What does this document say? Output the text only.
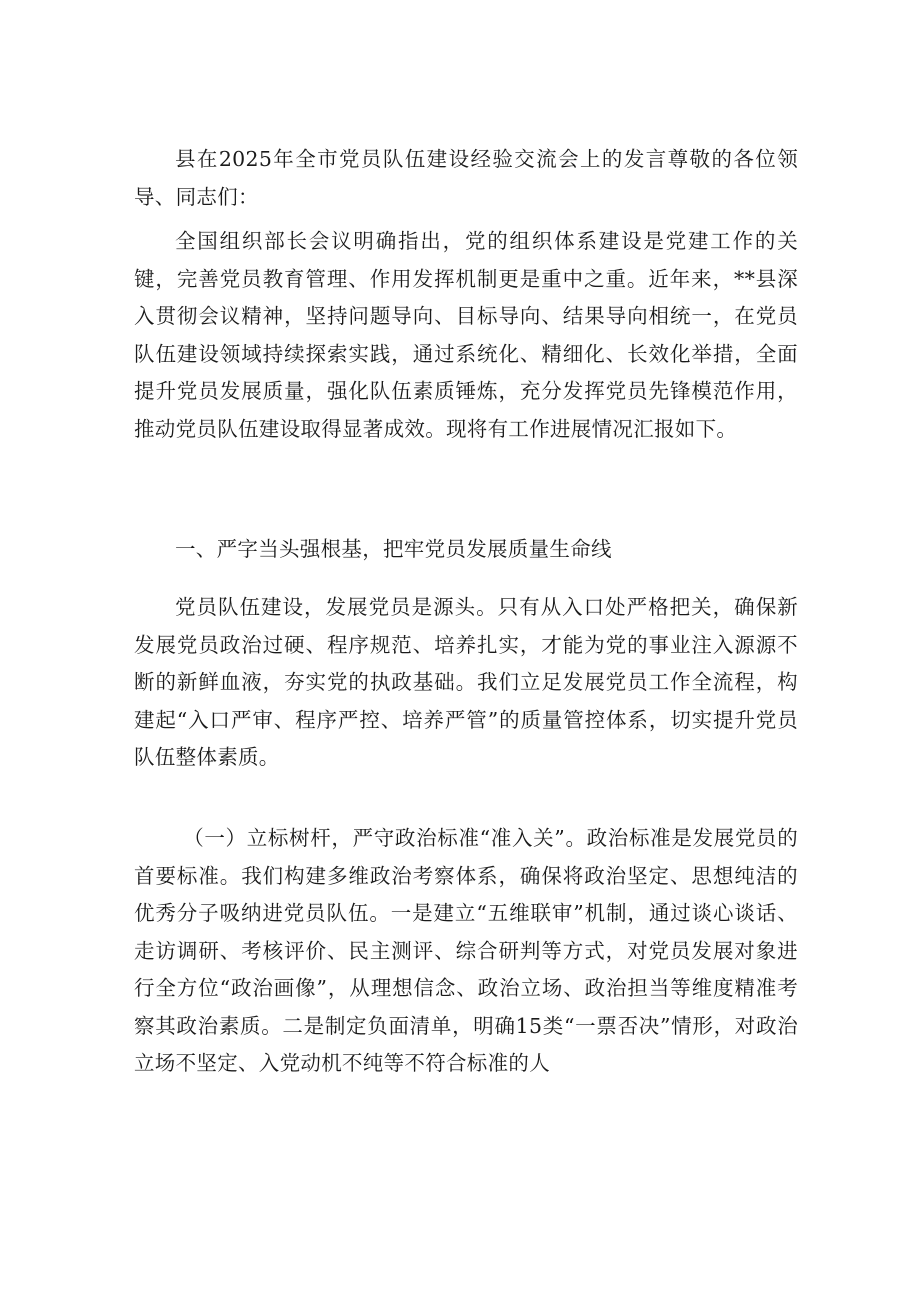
县在2025年全市党员队伍建设经验交流会上的发言尊敬的各位领导、同志们：

全国组织部长会议明确指出，党的组织体系建设是党建工作的关键，完善党员教育管理、作用发挥机制更是重中之重。近年来，**县深入贯彻会议精神，坚持问题导向、目标导向、结果导向相统一，在党员队伍建设领域持续探索实践，通过系统化、精细化、长效化举措，全面提升党员发展质量，强化队伍素质锤炼，充分发挥党员先锋模范作用，推动党员队伍建设取得显著成效。现将有工作进展情况汇报如下。

一、严字当头强根基，把牢党员发展质量生命线

党员队伍建设，发展党员是源头。只有从入口处严格把关，确保新发展党员政治过硬、程序规范、培养扎实，才能为党的事业注入源源不断的新鲜血液，夯实党的执政基础。我们立足发展党员工作全流程，构建起“入口严审、程序严控、培养严管”的质量管控体系，切实提升党员队伍整体素质。

（一）立标树杆，严守政治标准“准入关”。政治标准是发展党员的首要标准。我们构建多维政治考察体系，确保将政治坚定、思想纯洁的优秀分子吸纳进党员队伍。一是建立“五维联审”机制，通过谈心谈话、走访调研、考核评价、民主测评、综合研判等方式，对党员发展对象进行全方位“政治画像”，从理想信念、政治立场、政治担当等维度精准考察其政治素质。二是制定负面清单，明确15类“一票否决”情形，对政治立场不坚定、入党动机不纯等不符合标准的人
